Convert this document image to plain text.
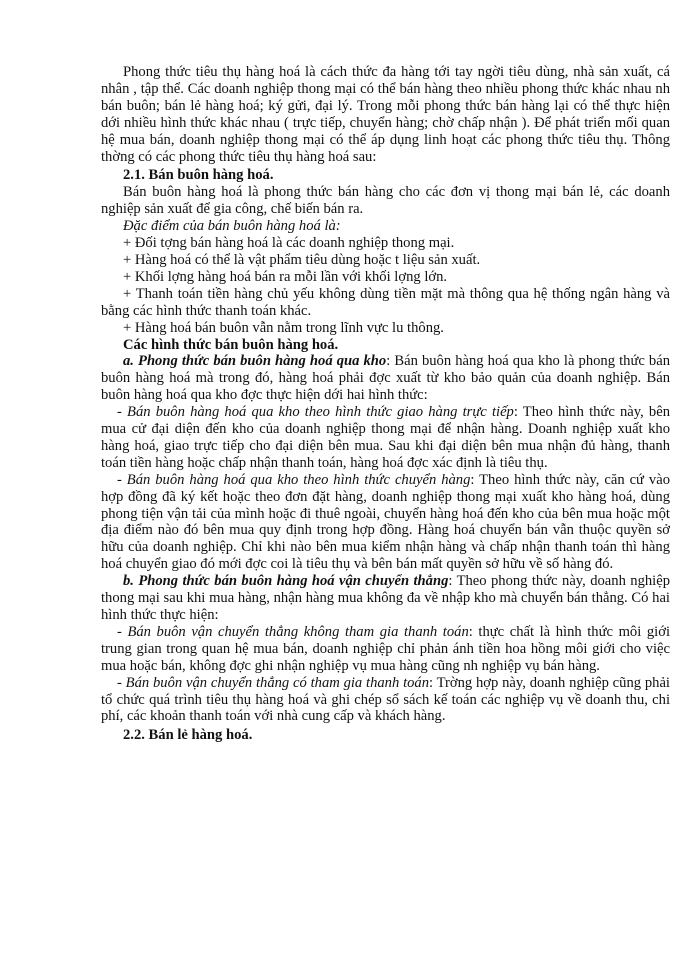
Phong thức tiêu thụ hàng hoá là cách thức đa hàng tới tay ngời tiêu dùng, nhà sản xuất, cá nhân , tập thể. Các doanh nghiệp thong mại có thể bán hàng theo nhiều phong thức khác nhau nh bán buôn; bán lẻ hàng hoá; ký gửi, đại lý. Trong mỗi phong thức bán hàng lại có thể thực hiện dới nhiều hình thức khác nhau ( trực tiếp, chuyển hàng; chờ chấp nhận ). Để phát triển mối quan hệ mua bán, doanh nghiệp thong mại có thể áp dụng linh hoạt các phong thức tiêu thụ. Thông thờng có các phong thức tiêu thụ hàng hoá sau:

2.1. Bán buôn hàng hoá.

Bán buôn hàng hoá là phong thức bán hàng cho các đơn vị thong mại bán lẻ, các doanh nghiệp sản xuất để gia công, chế biến bán ra.

Đặc điểm của bán buôn hàng hoá là:

+ Đối tợng bán hàng hoá là các doanh nghiệp thong mại.

+ Hàng hoá có thể là vật phẩm tiêu dùng hoặc t liệu sản xuất.

+ Khối lợng hàng hoá bán ra mỗi lần với khối lợng lớn.

+ Thanh toán tiền hàng chủ yếu không dùng tiền mặt mà thông qua hệ thống ngân hàng và bằng các hình thức thanh toán khác.

+ Hàng hoá bán buôn vẫn nằm trong lĩnh vực lu thông.

Các hình thức bán buôn hàng hoá.

a. Phong thức bán buôn hàng hoá qua kho: Bán buôn hàng hoá qua kho là phong thức bán buôn hàng hoá mà trong đó, hàng hoá phải đợc xuất từ kho bảo quản của doanh nghiệp. Bán buôn hàng hoá qua kho đợc thực hiện dới hai hình thức:

- Bán buôn hàng hoá qua kho theo hình thức giao hàng trực tiếp: Theo hình thức này, bên mua cử đại diện đến kho của doanh nghiệp thong mại để nhận hàng. Doanh nghiệp xuất kho hàng hoá, giao trực tiếp cho đại diện bên mua. Sau khi đại diện bên mua nhận đủ hàng, thanh toán tiền hàng hoặc chấp nhận thanh toán, hàng hoá đợc xác định là tiêu thụ.

- Bán buôn hàng hoá qua kho theo hình thức chuyển hàng: Theo hình thức này, căn cứ vào hợp đồng đã ký kết hoặc theo đơn đặt hàng, doanh nghiệp thong mại xuất kho hàng hoá, dùng phong tiện vận tải của mình hoặc đi thuê ngoài, chuyển hàng hoá đến kho của bên mua hoặc một địa điểm nào đó bên mua quy định trong hợp đồng. Hàng hoá chuyển bán vẫn thuộc quyền sở hữu của doanh nghiệp. Chỉ khi nào bên mua kiểm nhận hàng và chấp nhận thanh toán thì hàng hoá chuyển giao đó mới đợc coi là tiêu thụ và bên bán mất quyền sở hữu về số hàng đó.

b. Phong thức bán buôn hàng hoá vận chuyển thẳng: Theo phong thức này, doanh nghiệp thong mại sau khi mua hàng, nhận hàng mua không đa về nhập kho mà chuyển bán thẳng. Có hai hình thức thực hiện:

- Bán buôn vận chuyển thẳng không tham gia thanh toán: thực chất là hình thức môi giới trung gian trong quan hệ mua bán, doanh nghiệp chỉ phản ánh tiền hoa hồng môi giới cho việc mua hoặc bán, không đợc ghi nhận nghiệp vụ mua hàng cũng nh nghiệp vụ bán hàng.

- Bán buôn vận chuyển thẳng có tham gia thanh toán: Trờng hợp này, doanh nghiệp cũng phải tổ chức quá trình tiêu thụ hàng hoá và ghi chép sổ sách kế toán các nghiệp vụ về doanh thu, chi phí, các khoản thanh toán với nhà cung cấp và khách hàng.

2.2. Bán lẻ hàng hoá.
